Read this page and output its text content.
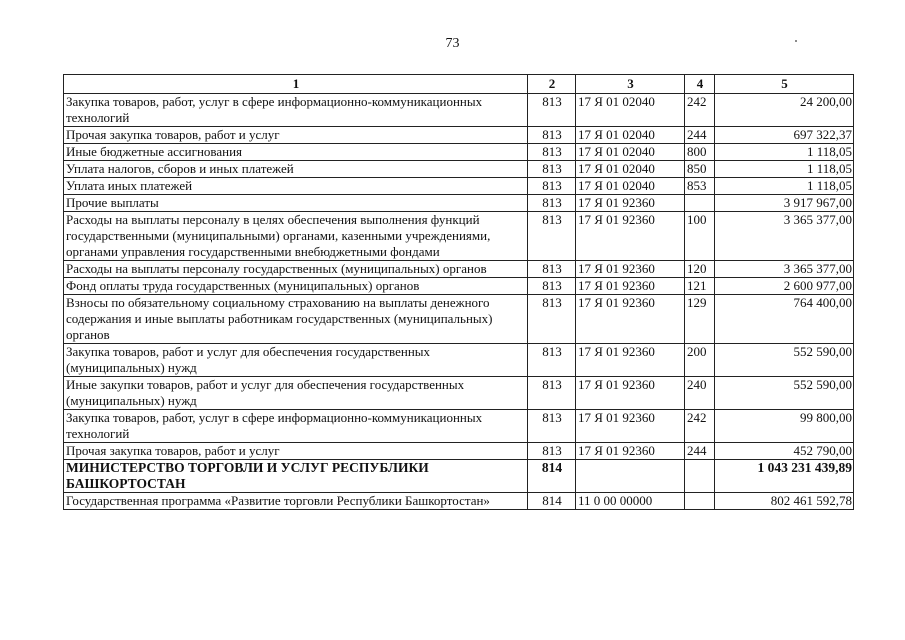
73
1	2	3	4	5
Закупка товаров, работ, услуг в сфере информационно-коммуникационных технологий	813	17 Я 01 02040	242	24 200,00
Прочая закупка товаров, работ и услуг	813	17 Я 01 02040	244	697 322,37
Иные бюджетные ассигнования	813	17 Я 01 02040	800	1 118,05
Уплата налогов, сборов и иных платежей	813	17 Я 01 02040	850	1 118,05
Уплата иных платежей	813	17 Я 01 02040	853	1 118,05
Прочие выплаты	813	17 Я 01 92360		3 917 967,00
Расходы на выплаты персоналу в целях обеспечения выполнения функций государственными (муниципальными) органами, казенными учреждениями, органами управления государственными внебюджетными фондами	813	17 Я 01 92360	100	3 365 377,00
Расходы на выплаты персоналу государственных (муниципальных) органов	813	17 Я 01 92360	120	3 365 377,00
Фонд оплаты труда государственных (муниципальных) органов	813	17 Я 01 92360	121	2 600 977,00
Взносы по обязательному социальному страхованию на выплаты денежного содержания и иные выплаты работникам государственных (муниципальных) органов	813	17 Я 01 92360	129	764 400,00
Закупка товаров, работ и услуг для обеспечения государственных (муниципальных) нужд	813	17 Я 01 92360	200	552 590,00
Иные закупки товаров, работ и услуг для обеспечения государственных (муниципальных) нужд	813	17 Я 01 92360	240	552 590,00
Закупка товаров, работ, услуг в сфере информационно-коммуникационных технологий	813	17 Я 01 92360	242	99 800,00
Прочая закупка товаров, работ и услуг	813	17 Я 01 92360	244	452 790,00
МИНИСТЕРСТВО ТОРГОВЛИ И УСЛУГ РЕСПУБЛИКИ БАШКОРТОСТАН	814			1 043 231 439,89
Государственная программа «Развитие торговли Республики Башкортостан»	814	11 0 00 00000		802 461 592,78
